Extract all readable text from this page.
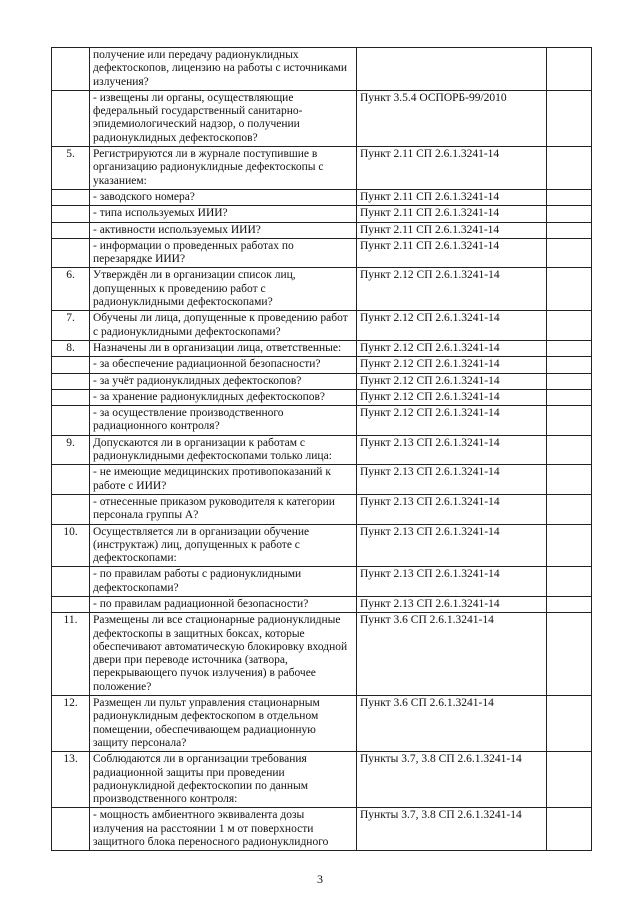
	получение или передачу радионуклидных дефектоскопов, лицензию на работы с источниками излучения?		
	- извещены ли органы, осуществляющие федеральный государственный санитарно-эпидемиологический надзор, о получении радионуклидных дефектоскопов?	Пункт 3.5.4 ОСПОРБ-99/2010	
5.	Регистрируются ли в журнале поступившие в организацию радионуклидные дефектоскопы с указанием:	Пункт 2.11 СП 2.6.1.3241-14	
	- заводского номера?	Пункт 2.11 СП 2.6.1.3241-14	
	- типа используемых ИИИ?	Пункт 2.11 СП 2.6.1.3241-14	
	- активности используемых ИИИ?	Пункт 2.11 СП 2.6.1.3241-14	
	- информации о проведенных работах по перезарядке ИИИ?	Пункт 2.11 СП 2.6.1.3241-14	
6.	Утверждён ли в организации список лиц, допущенных к проведению работ с радионуклидными дефектоскопами?	Пункт 2.12 СП 2.6.1.3241-14	
7.	Обучены ли лица, допущенные к проведению работ с радионуклидными дефектоскопами?	Пункт 2.12 СП 2.6.1.3241-14	
8.	Назначены ли в организации лица, ответственные:	Пункт 2.12 СП 2.6.1.3241-14	
	- за обеспечение радиационной безопасности?	Пункт 2.12 СП 2.6.1.3241-14	
	- за учёт радионуклидных дефектоскопов?	Пункт 2.12 СП 2.6.1.3241-14	
	- за хранение радионуклидных дефектоскопов?	Пункт 2.12 СП 2.6.1.3241-14	
	- за осуществление производственного радиационного контроля?	Пункт 2.12 СП 2.6.1.3241-14	
9.	Допускаются ли в организации к работам с радионуклидными дефектоскопами только лица:	Пункт 2.13 СП 2.6.1.3241-14	
	- не имеющие медицинских противопоказаний к работе с ИИИ?	Пункт 2.13 СП 2.6.1.3241-14	
	- отнесенные приказом руководителя к категории персонала группы А?	Пункт 2.13 СП 2.6.1.3241-14	
10.	Осуществляется ли в организации обучение (инструктаж) лиц, допущенных к работе с дефектоскопами:	Пункт 2.13 СП 2.6.1.3241-14	
	- по правилам работы с радионуклидными дефектоскопами?	Пункт 2.13 СП 2.6.1.3241-14	
	- по правилам радиационной безопасности?	Пункт 2.13 СП 2.6.1.3241-14	
11.	Размещены ли все стационарные радионуклидные дефектоскопы в защитных боксах, которые обеспечивают автоматическую блокировку входной двери при переводе источника (затвора, перекрывающего пучок излучения) в рабочее положение?	Пункт 3.6 СП 2.6.1.3241-14	
12.	Размещен ли пульт управления стационарным радионуклидным дефектоскопом в отдельном помещении, обеспечивающем радиационную защиту персонала?	Пункт 3.6 СП 2.6.1.3241-14	
13.	Соблюдаются ли в организации требования радиационной защиты при проведении радионуклидной дефектоскопии по данным производственного контроля:	Пункты 3.7, 3.8 СП 2.6.1.3241-14	
	- мощность амбиентного эквивалента дозы излучения на расстоянии 1 м от поверхности защитного блока переносного радионуклидного	Пункты 3.7, 3.8 СП 2.6.1.3241-14	
3
